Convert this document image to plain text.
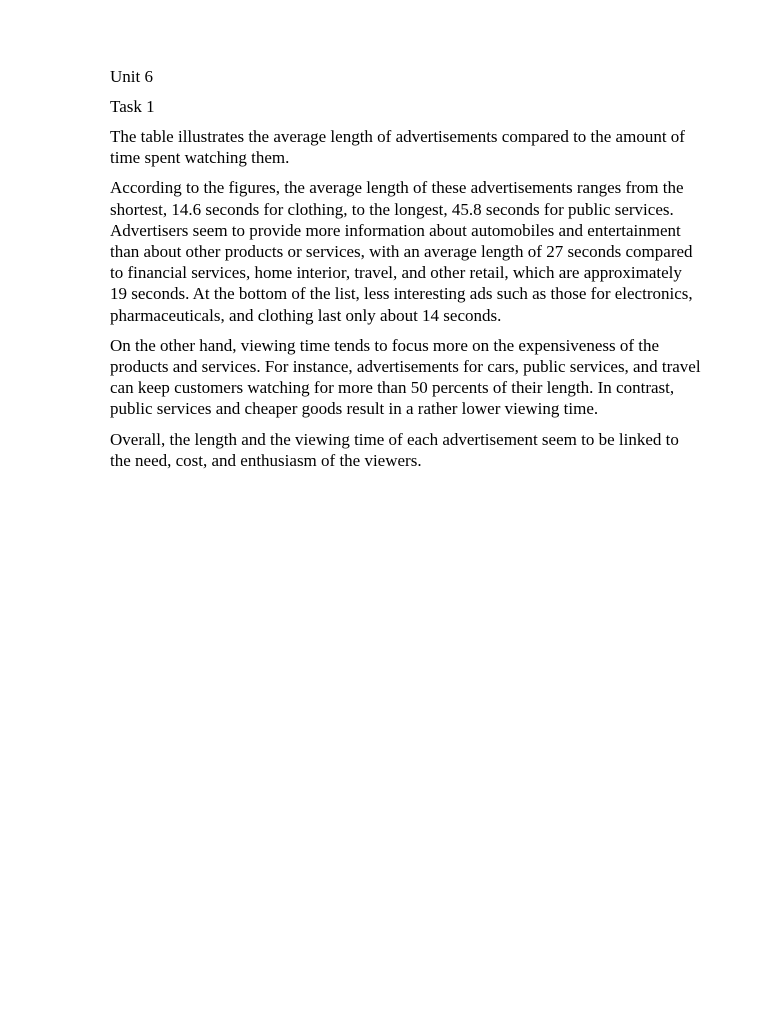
Unit 6
Task 1

The table illustrates the average length of advertisements compared to the amount of time spent watching them.

According to the figures, the average length of these advertisements ranges from the shortest, 14.6 seconds for clothing, to the longest, 45.8 seconds for public services. Advertisers seem to provide more information about automobiles and entertainment than about other products or services, with an average length of 27 seconds compared to financial services, home interior, travel, and other retail, which are approximately 19 seconds. At the bottom of the list, less interesting ads such as those for electronics, pharmaceuticals, and clothing last only about 14 seconds.

On the other hand, viewing time tends to focus more on the expensiveness of the products and services. For instance, advertisements for cars, public services, and travel can keep customers watching for more than 50 percents of their length. In contrast, public services and cheaper goods result in a rather lower viewing time.

Overall, the length and the viewing time of each advertisement seem to be linked to the need, cost, and enthusiasm of the viewers.
